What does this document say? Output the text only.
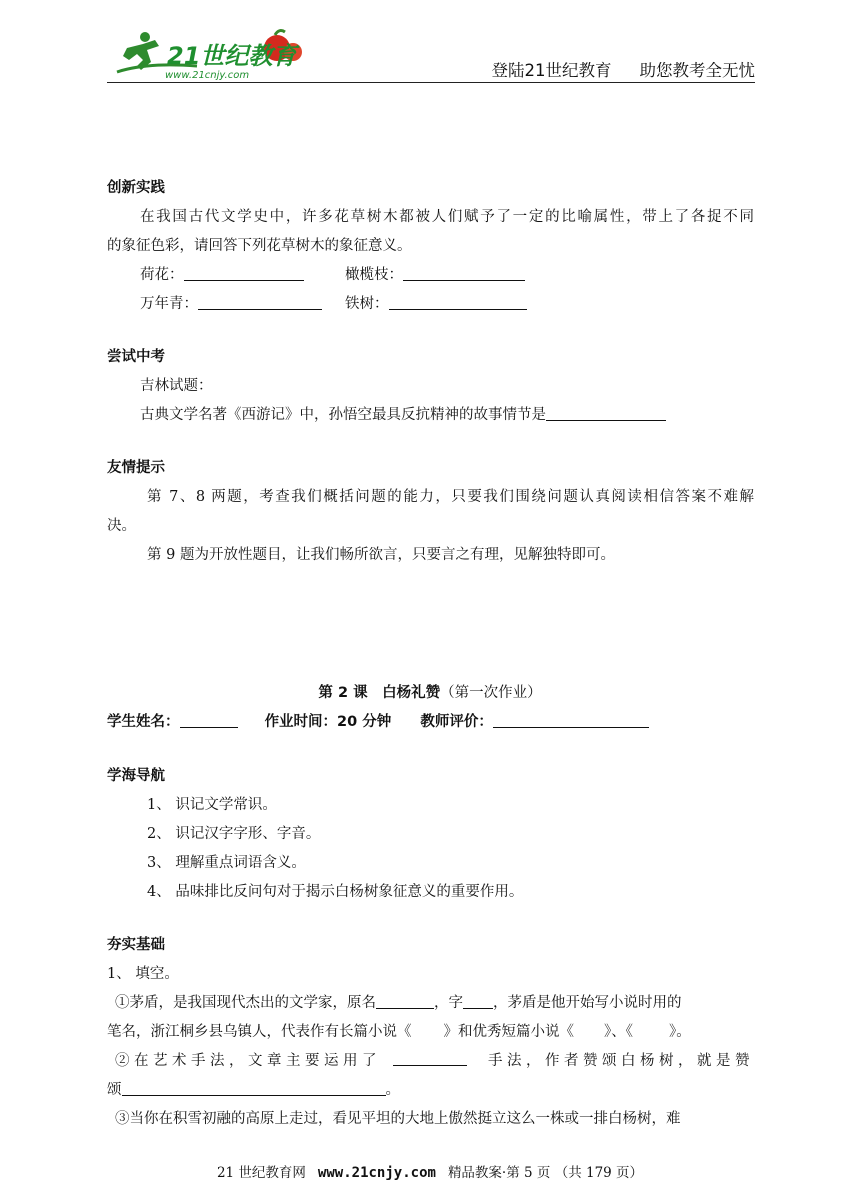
21世纪教育
www.21cnjy.com	登陆21世纪教育 助您教考全无忧
创新实践
在我国古代文学史中，许多花草树木都被人们赋予了一定的比喻属性，带上了各捉不同
的象征色彩，请回答下列花草树木的象征意义。
荷花：	橄榄枝：
万年青：	铁树：
尝试中考
吉林试题：
古典文学名著《西游记》中，孙悟空最具反抗精神的故事情节是
友情提示
第 7、8 两题，考查我们概括问题的能力，只要我们围绕问题认真阅读相信答案不难解
决。
第 9 题为开放性题目，让我们畅所欲言，只要言之有理，见解独特即可。
第 2 课　白杨礼赞（第一次作业）
学生姓名：	作业时间：20 分钟 教师评价：
学海导航
1、 识记文学常识。
2、 识记汉字字形、字音。
3、 理解重点词语含义。
4、 品味排比反问句对于揭示白杨树象征意义的重要作用。
夯实基础
1、 填空。
①茅盾，是我国现代杰出的文学家，原名	，字 ，茅盾是他开始写小说时用的
笔名，浙江桐乡县乌镇人，代表作有长篇小说《 》和优秀短篇小说《 》、《 》。
②在艺术手法，文章主要运用了	手法，作者赞颂白杨树，就是赞
颂	。
③当你在积雪初融的高原上走过，看见平坦的大地上傲然挺立这么一株或一排白杨树，难
21 世纪教育网 www.21cnjy.com 精品教案·第 5 页 （共 179 页）
